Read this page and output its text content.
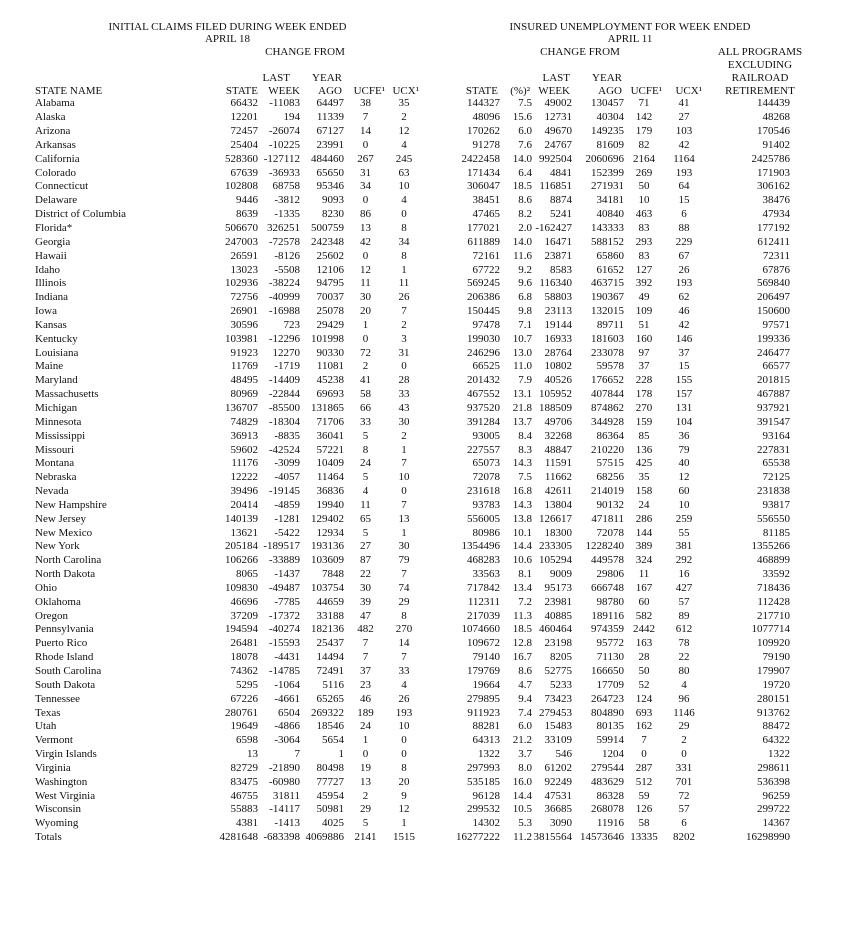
INITIAL CLAIMS FILED DURING WEEK ENDED
APRIL 18
CHANGE FROM
INSURED UNEMPLOYMENT FOR WEEK ENDED
APRIL 11
CHANGE FROM	ALL PROGRAMS
EXCLUDING
RAILROAD
RETIREMENT
LAST	YEAR	LAST	YEAR
STATE NAME	STATE WEEK	AGO	UCFE¹ UCX¹	STATE	(%)² WEEK	AGO UCFE¹	UCX¹
Alabama	66432	-11083	64497	38	35	144327	7.5	49002	130457	71	41	144439
Alaska	12201	194	11339	7	2	48096	15.6	12731	40304	142	27	48268
Arizona	72457	-26074	67127	14	12	170262	6.0	49670	149235	179	103	170546
Arkansas	25404	-10225	23991	0	4	91278	7.6	24767	81609	82	42	91402
California	528360	-127112	484460	267	245	2422458	14.0	992504	2060696	2164	1164	2425786
Colorado	67639	-36933	65650	31	63	171434	6.4	4841	152399	269	193	171903
Connecticut	102808	68758	95346	34	10	306047	18.5	116851	271931	50	64	306162
Delaware	9446	-3812	9093	0	4	38451	8.6	8874	34181	10	15	38476
District of Columbia	8639	-1335	8230	86	0	47465	8.2	5241	40840	463	6	47934
Florida*	506670	326251	500759	13	8	177021	2.0	-162427	143333	83	88	177192
Georgia	247003	-72578	242348	42	34	611889	14.0	16471	588152	293	229	612411
Hawaii	26591	-8126	25602	0	8	72161	11.6	23871	65860	83	67	72311
Idaho	13023	-5508	12106	12	1	67722	9.2	8583	61652	127	26	67876
Illinois	102936	-38224	94795	11	11	569245	9.6	116340	463715	392	193	569840
Indiana	72756	-40999	70037	30	26	206386	6.8	58803	190367	49	62	206497
Iowa	26901	-16988	25078	20	7	150445	9.8	23113	132015	109	46	150600
Kansas	30596	723	29429	1	2	97478	7.1	19144	89711	51	42	97571
Kentucky	103981	-12296	101998	0	3	199030	10.7	16933	181603	160	146	199336
Louisiana	91923	12270	90330	72	31	246296	13.0	28764	233078	97	37	246477
Maine	11769	-1719	11081	2	0	66525	11.0	10802	59578	37	15	66577
Maryland	48495	-14409	45238	41	28	201432	7.9	40526	176652	228	155	201815
Massachusetts	80969	-22844	69693	58	33	467552	13.1	105952	407844	178	157	467887
Michigan	136707	-85500	131865	66	43	937520	21.8	188509	874862	270	131	937921
Minnesota	74829	-18304	71706	33	30	391284	13.7	49706	344928	159	104	391547
Mississippi	36913	-8835	36041	5	2	93005	8.4	32268	86364	85	36	93164
Missouri	59602	-42524	57221	8	1	227557	8.3	48847	210220	136	79	227831
Montana	11176	-3099	10409	24	7	65073	14.3	11591	57515	425	40	65538
Nebraska	12222	-4057	11464	5	10	72078	7.5	11662	68256	35	12	72125
Nevada	39496	-19145	36836	4	0	231618	16.8	42611	214019	158	60	231838
New Hampshire	20414	-4859	19940	11	7	93783	14.3	13804	90132	24	10	93817
New Jersey	140139	-1281	129402	65	13	556005	13.8	126617	471811	286	259	556550
New Mexico	13621	-5422	12934	5	1	80986	10.1	18300	72078	144	55	81185
New York	205184	-189517	193136	27	30	1354496	14.4	233305	1228240	389	381	1355266
North Carolina	106266	-33889	103609	87	79	468283	10.6	105294	449578	324	292	468899
North Dakota	8065	-1437	7848	22	7	33563	8.1	9009	29806	11	16	33592
Ohio	109830	-49487	103754	30	74	717842	13.4	95173	666748	167	427	718436
Oklahoma	46696	-7785	44659	39	29	112311	7.2	23981	98780	60	57	112428
Oregon	37209	-17372	33188	47	8	217039	11.3	40885	189116	582	89	217710
Pennsylvania	194594	-40274	182136	482	270	1074660	18.5	460464	974359	2442	612	1077714
Puerto Rico	26481	-15593	25437	7	14	109672	12.8	23198	95772	163	78	109920
Rhode Island	18078	-4431	14494	7	7	79140	16.7	8205	71130	28	22	79190
South Carolina	74362	-14785	72491	37	33	179769	8.6	52775	166650	50	80	179907
South Dakota	5295	-1064	5116	23	4	19664	4.7	5233	17709	52	4	19720
Tennessee	67226	-4661	65265	46	26	279895	9.4	73423	264723	124	96	280151
Texas	280761	6504	269322	189	193	911923	7.4	279453	804890	693	1146	913762
Utah	19649	-4866	18546	24	10	88281	6.0	15483	80135	162	29	88472
Vermont	6598	-3064	5654	1	0	64313	21.2	33109	59914	7	2	64322
Virgin Islands	13	7	1	0	0	1322	3.7	546	1204	0	0	1322
Virginia	82729	-21890	80498	19	8	297993	8.0	61202	279544	287	331	298611
Washington	83475	-60980	77727	13	20	535185	16.0	92249	483629	512	701	536398
West Virginia	46755	31811	45954	2	9	96128	14.4	47531	86328	59	72	96259
Wisconsin	55883	-14117	50981	29	12	299532	10.5	36685	268078	126	57	299722
Wyoming	4381	-1413	4025	5	1	14302	5.3	3090	11916	58	6	14367
Totals	4281648	-683398	4069886	2141	1515	16277222	11.2	3815564	14573646	13335	8202	16298990
